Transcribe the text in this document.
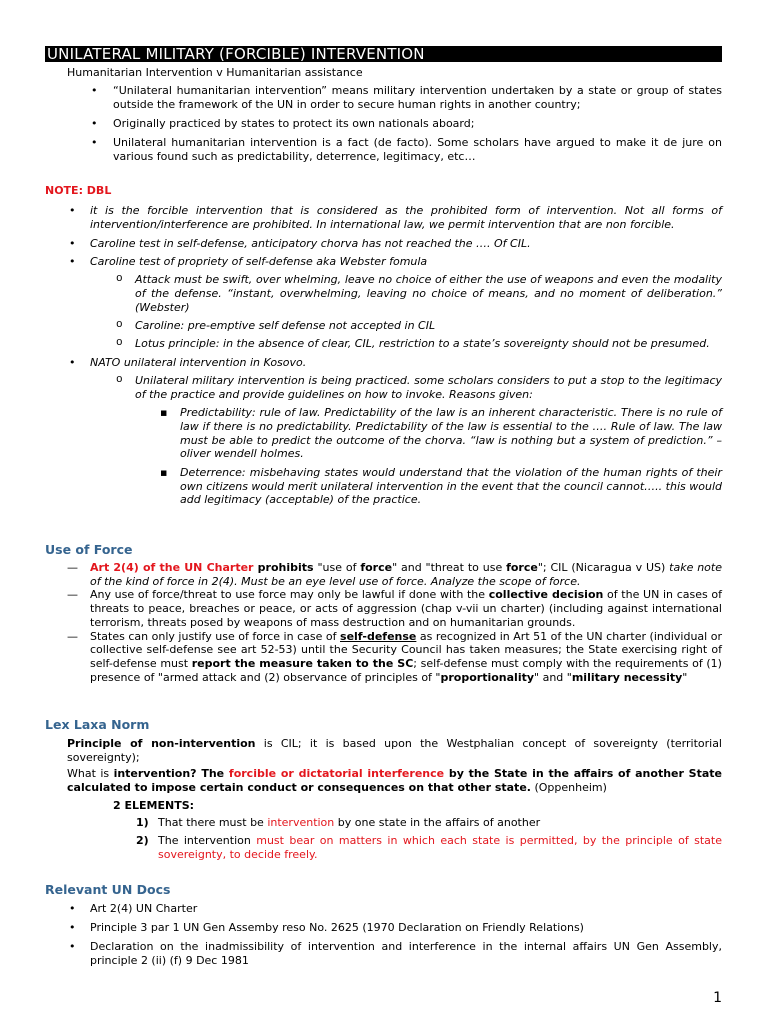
UNILATERAL MILITARY (FORCIBLE) INTERVENTION
Humanitarian Intervention v Humanitarian assistance
• “Unilateral humanitarian intervention” means military intervention undertaken by a state or group of states outside the framework of the UN in order to secure human rights in another country;
• Originally practiced by states to protect its own nationals aboard;
• Unilateral humanitarian intervention is a fact (de facto). Some scholars have argued to make it de jure on various found such as predictability, deterrence, legitimacy, etc…
NOTE: DBL
• it is the forcible intervention that is considered as the prohibited form of intervention. Not all forms of intervention/interference are prohibited. In international law, we permit intervention that are non forcible.
• Caroline test in self-defense, anticipatory chorva has not reached the …. Of CIL.
• Caroline test of propriety of self-defense aka Webster fomula
o Attack must be swift, over whelming, leave no choice of either the use of weapons and even the modality of the defense. “instant, overwhelming, leaving no choice of means, and no moment of deliberation.” (Webster)
o Caroline: pre-emptive self defense not accepted in CIL
o Lotus principle: in the absence of clear, CIL, restriction to a state’s sovereignty should not be presumed.
• NATO unilateral intervention in Kosovo.
o Unilateral military intervention is being practiced. some scholars considers to put a stop to the legitimacy of the practice and provide guidelines on how to invoke. Reasons given:
▪ Predictability: rule of law. Predictability of the law is an inherent characteristic. There is no rule of law if there is no predictability. Predictability of the law is essential to the …. Rule of law. The law must be able to predict the outcome of the chorva. “law is nothing but a system of prediction.” – oliver wendell holmes.
▪ Deterrence: misbehaving states would understand that the violation of the human rights of their own citizens would merit unilateral intervention in the event that the council cannot….. this would add legitimacy (acceptable) of the practice.
Use of Force
— Art 2(4) of the UN Charter prohibits "use of force" and "threat to use force"; CIL (Nicaragua v US) take note of the kind of force in 2(4). Must be an eye level use of force. Analyze the scope of force.
— Any use of force/threat to use force may only be lawful if done with the collective decision of the UN in cases of threats to peace, breaches or peace, or acts of aggression (chap v-vii un charter) (including against international terrorism, threats posed by weapons of mass destruction and on humanitarian grounds.
— States can only justify use of force in case of self-defense as recognized in Art 51 of the UN charter (individual or collective self-defense see art 52-53) until the Security Council has taken measures; the State exercising right of self-defense must report the measure taken to the SC; self-defense must comply with the requirements of (1) presence of "armed attack and (2) observance of principles of "proportionality" and "military necessity"
Lex Laxa Norm
Principle of non-intervention is CIL; it is based upon the Westphalian concept of sovereignty (territorial sovereignty);
What is intervention? The forcible or dictatorial interference by the State in the affairs of another State calculated to impose certain conduct or consequences on that other state. (Oppenheim)
2 ELEMENTS:
1) That there must be intervention by one state in the affairs of another
2) The intervention must bear on matters in which each state is permitted, by the principle of state sovereignty, to decide freely.
Relevant UN Docs
• Art 2(4) UN Charter
• Principle 3 par 1 UN Gen Assemby reso No. 2625 (1970 Declaration on Friendly Relations)
• Declaration on the inadmissibility of intervention and interference in the internal affairs UN Gen Assembly, principle 2 (ii) (f) 9 Dec 1981
1
